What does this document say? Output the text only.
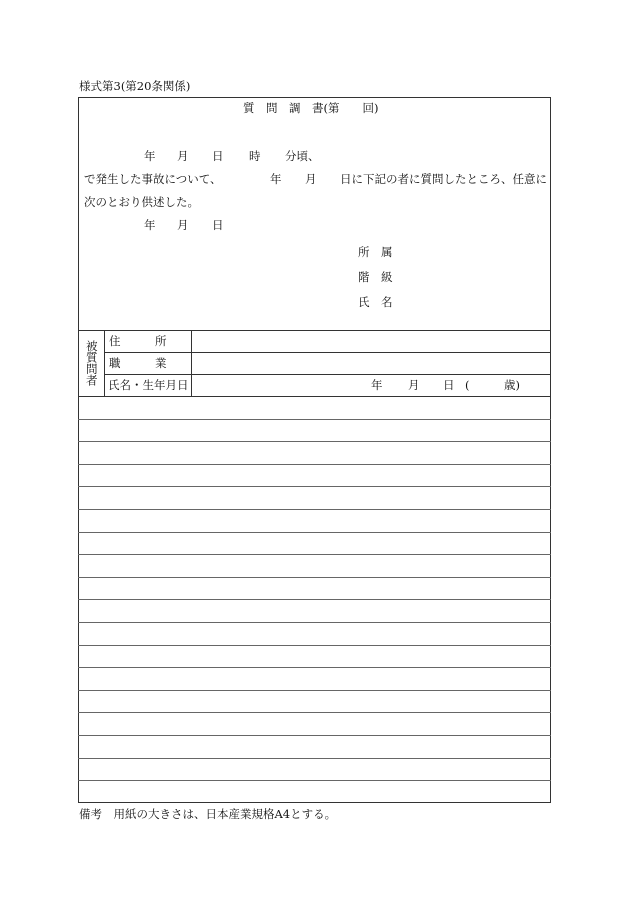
様式第3(第20条関係)
質　問　調　書(第　　回)
年 月 日 時 分頃、
で発生した事故について、	年 月 日に下記の者に質問したところ、任意に
次のとおり供述した。
年 月 日
所　属
階　級
氏　名
被質問者 住　　　所
職　　　業
氏名・生年月日	年 月 日 (　　　歳)
備考　用紙の大きさは、日本産業規格A4とする。
